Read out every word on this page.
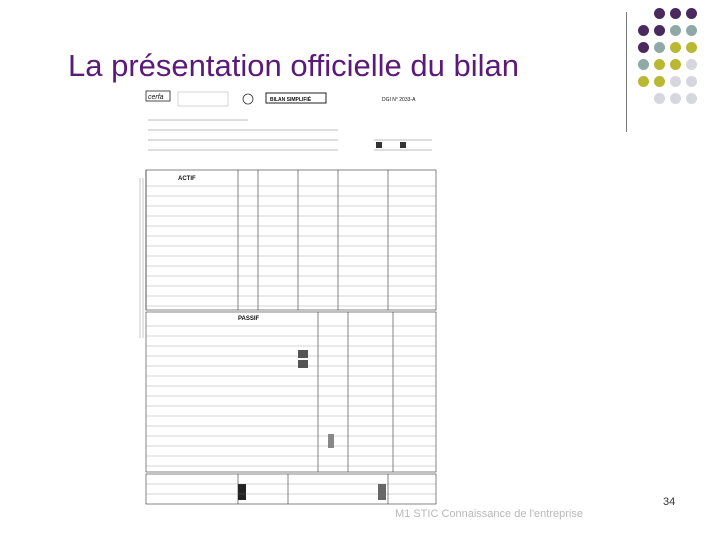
La présentation officielle du bilan
cerfa	BILAN SIMPLIFIÉ	DGI N° 2033-A
ACTIF
PASSIF
M1 STIC Connaissance de l'entreprise
34
